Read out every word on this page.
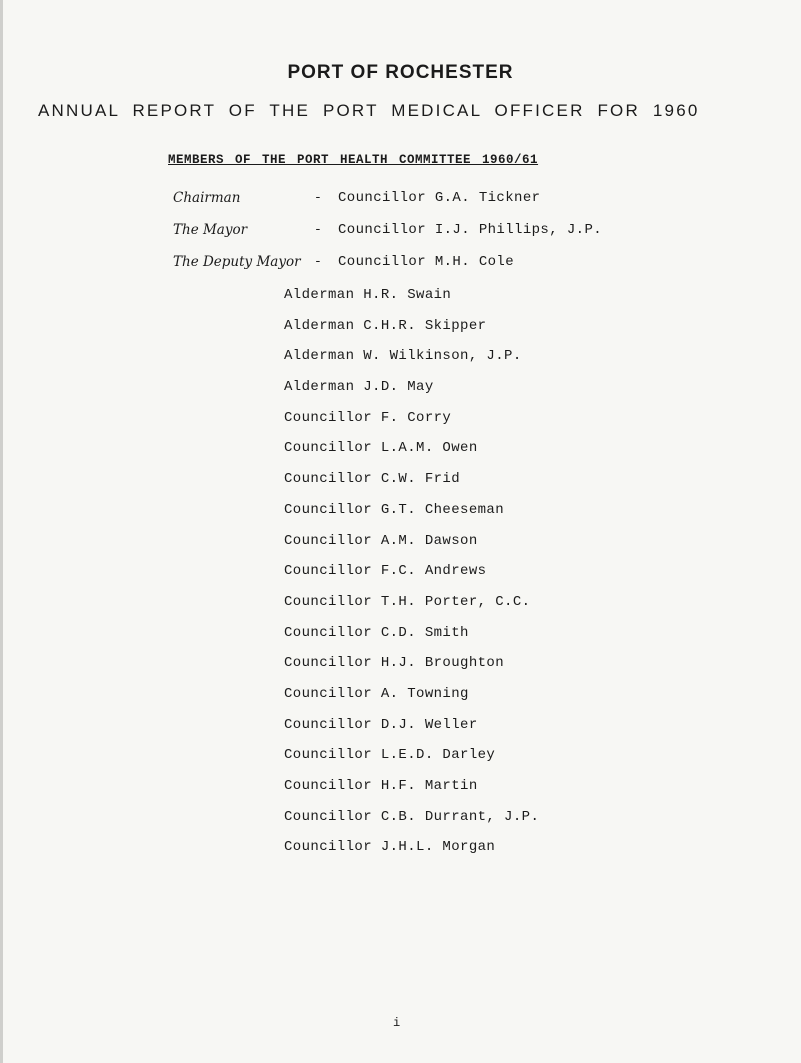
PORT OF ROCHESTER
ANNUAL REPORT OF THE PORT MEDICAL OFFICER FOR 1960
MEMBERS OF THE PORT HEALTH COMMITTEE 1960/61
Chairman	- Councillor G.A. Tickner
The Mayor	- Councillor I.J. Phillips, J.P.
The Deputy Mayor - Councillor M.H. Cole
Alderman H.R. Swain
Alderman C.H.R. Skipper
Alderman W. Wilkinson, J.P.
Alderman J.D. May
Councillor F. Corry
Councillor L.A.M. Owen
Councillor C.W. Frid
Councillor G.T. Cheeseman
Councillor A.M. Dawson
Councillor F.C. Andrews
Councillor T.H. Porter, C.C.
Councillor C.D. Smith
Councillor H.J. Broughton
Councillor A. Towning
Councillor D.J. Weller
Councillor L.E.D. Darley
Councillor H.F. Martin
Councillor C.B. Durrant, J.P.
Councillor J.H.L. Morgan
i
